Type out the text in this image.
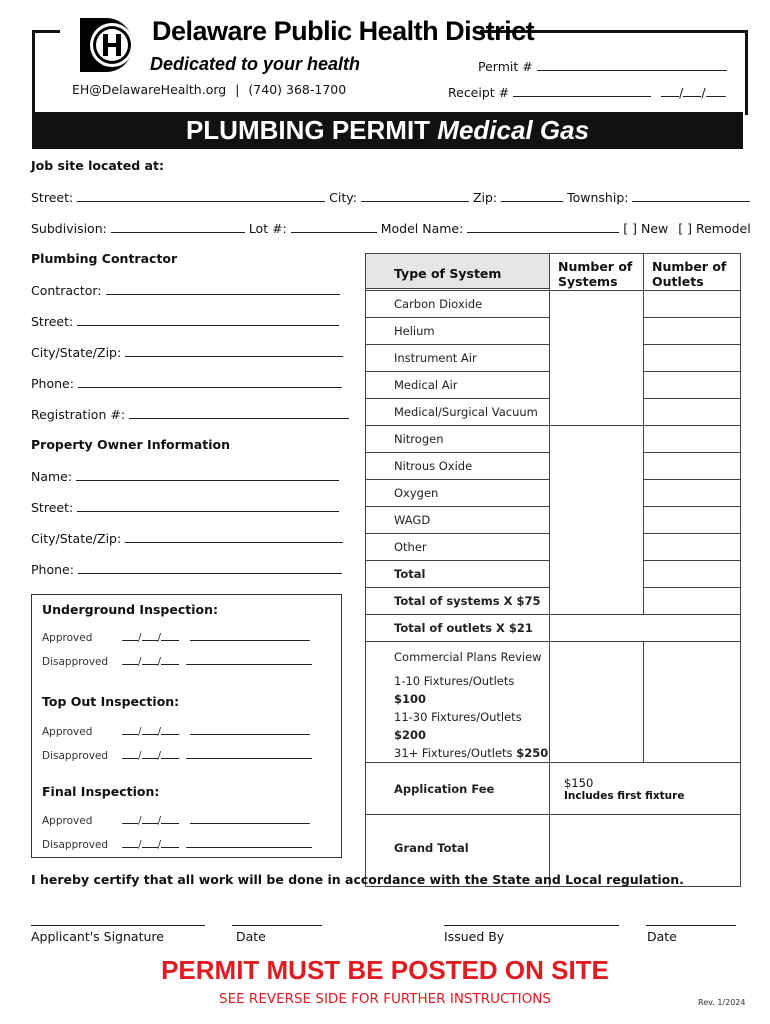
Delaware Public Health District
Dedicated to your health
EH@DelawareHealth.org | (740) 368-1700
Permit #
Receipt #	/ /
PLUMBING PERMIT Medical Gas
Job site located at:
Street:	City:	Zip:	Township:
Subdivision:	Lot #:	Model Name:	[ ] New [ ] Remodel
Plumbing Contractor
Contractor:
Street:
City/State/Zip:
Phone:
Registration #:
Property Owner Information
Name:
Street:
City/State/Zip:
Phone:
Underground Inspection:
Approved	/ /
Disapproved	/ /
Top Out Inspection:
Approved	/ /
Disapproved	/ /
Final Inspection:
Approved	/ /
Disapproved	/ /
Type of System	Number of Systems	Number of Outlets

Carbon Dioxide		
Helium		
Instrument Air		
Medical Air		
Medical/Surgical Vacuum		
Nitrogen		
Nitrous Oxide		
Oxygen		
WAGD		
Other		
Total		
Total of systems X $75		
Total of outlets X $21		

Commercial Plans Review
1-10 Fixtures/Outlets $100
11-30 Fixtures/Outlets $200
31+ Fixtures/Outlets $250		

Application Fee	$150
Includes first fixture	

Grand Total		
I hereby certify that all work will be done in accordance with the State and Local regulation.
Applicant's Signature	Date	Issued By	Date
PERMIT MUST BE POSTED ON SITE
SEE REVERSE SIDE FOR FURTHER INSTRUCTIONS	Rev. 1/2024
